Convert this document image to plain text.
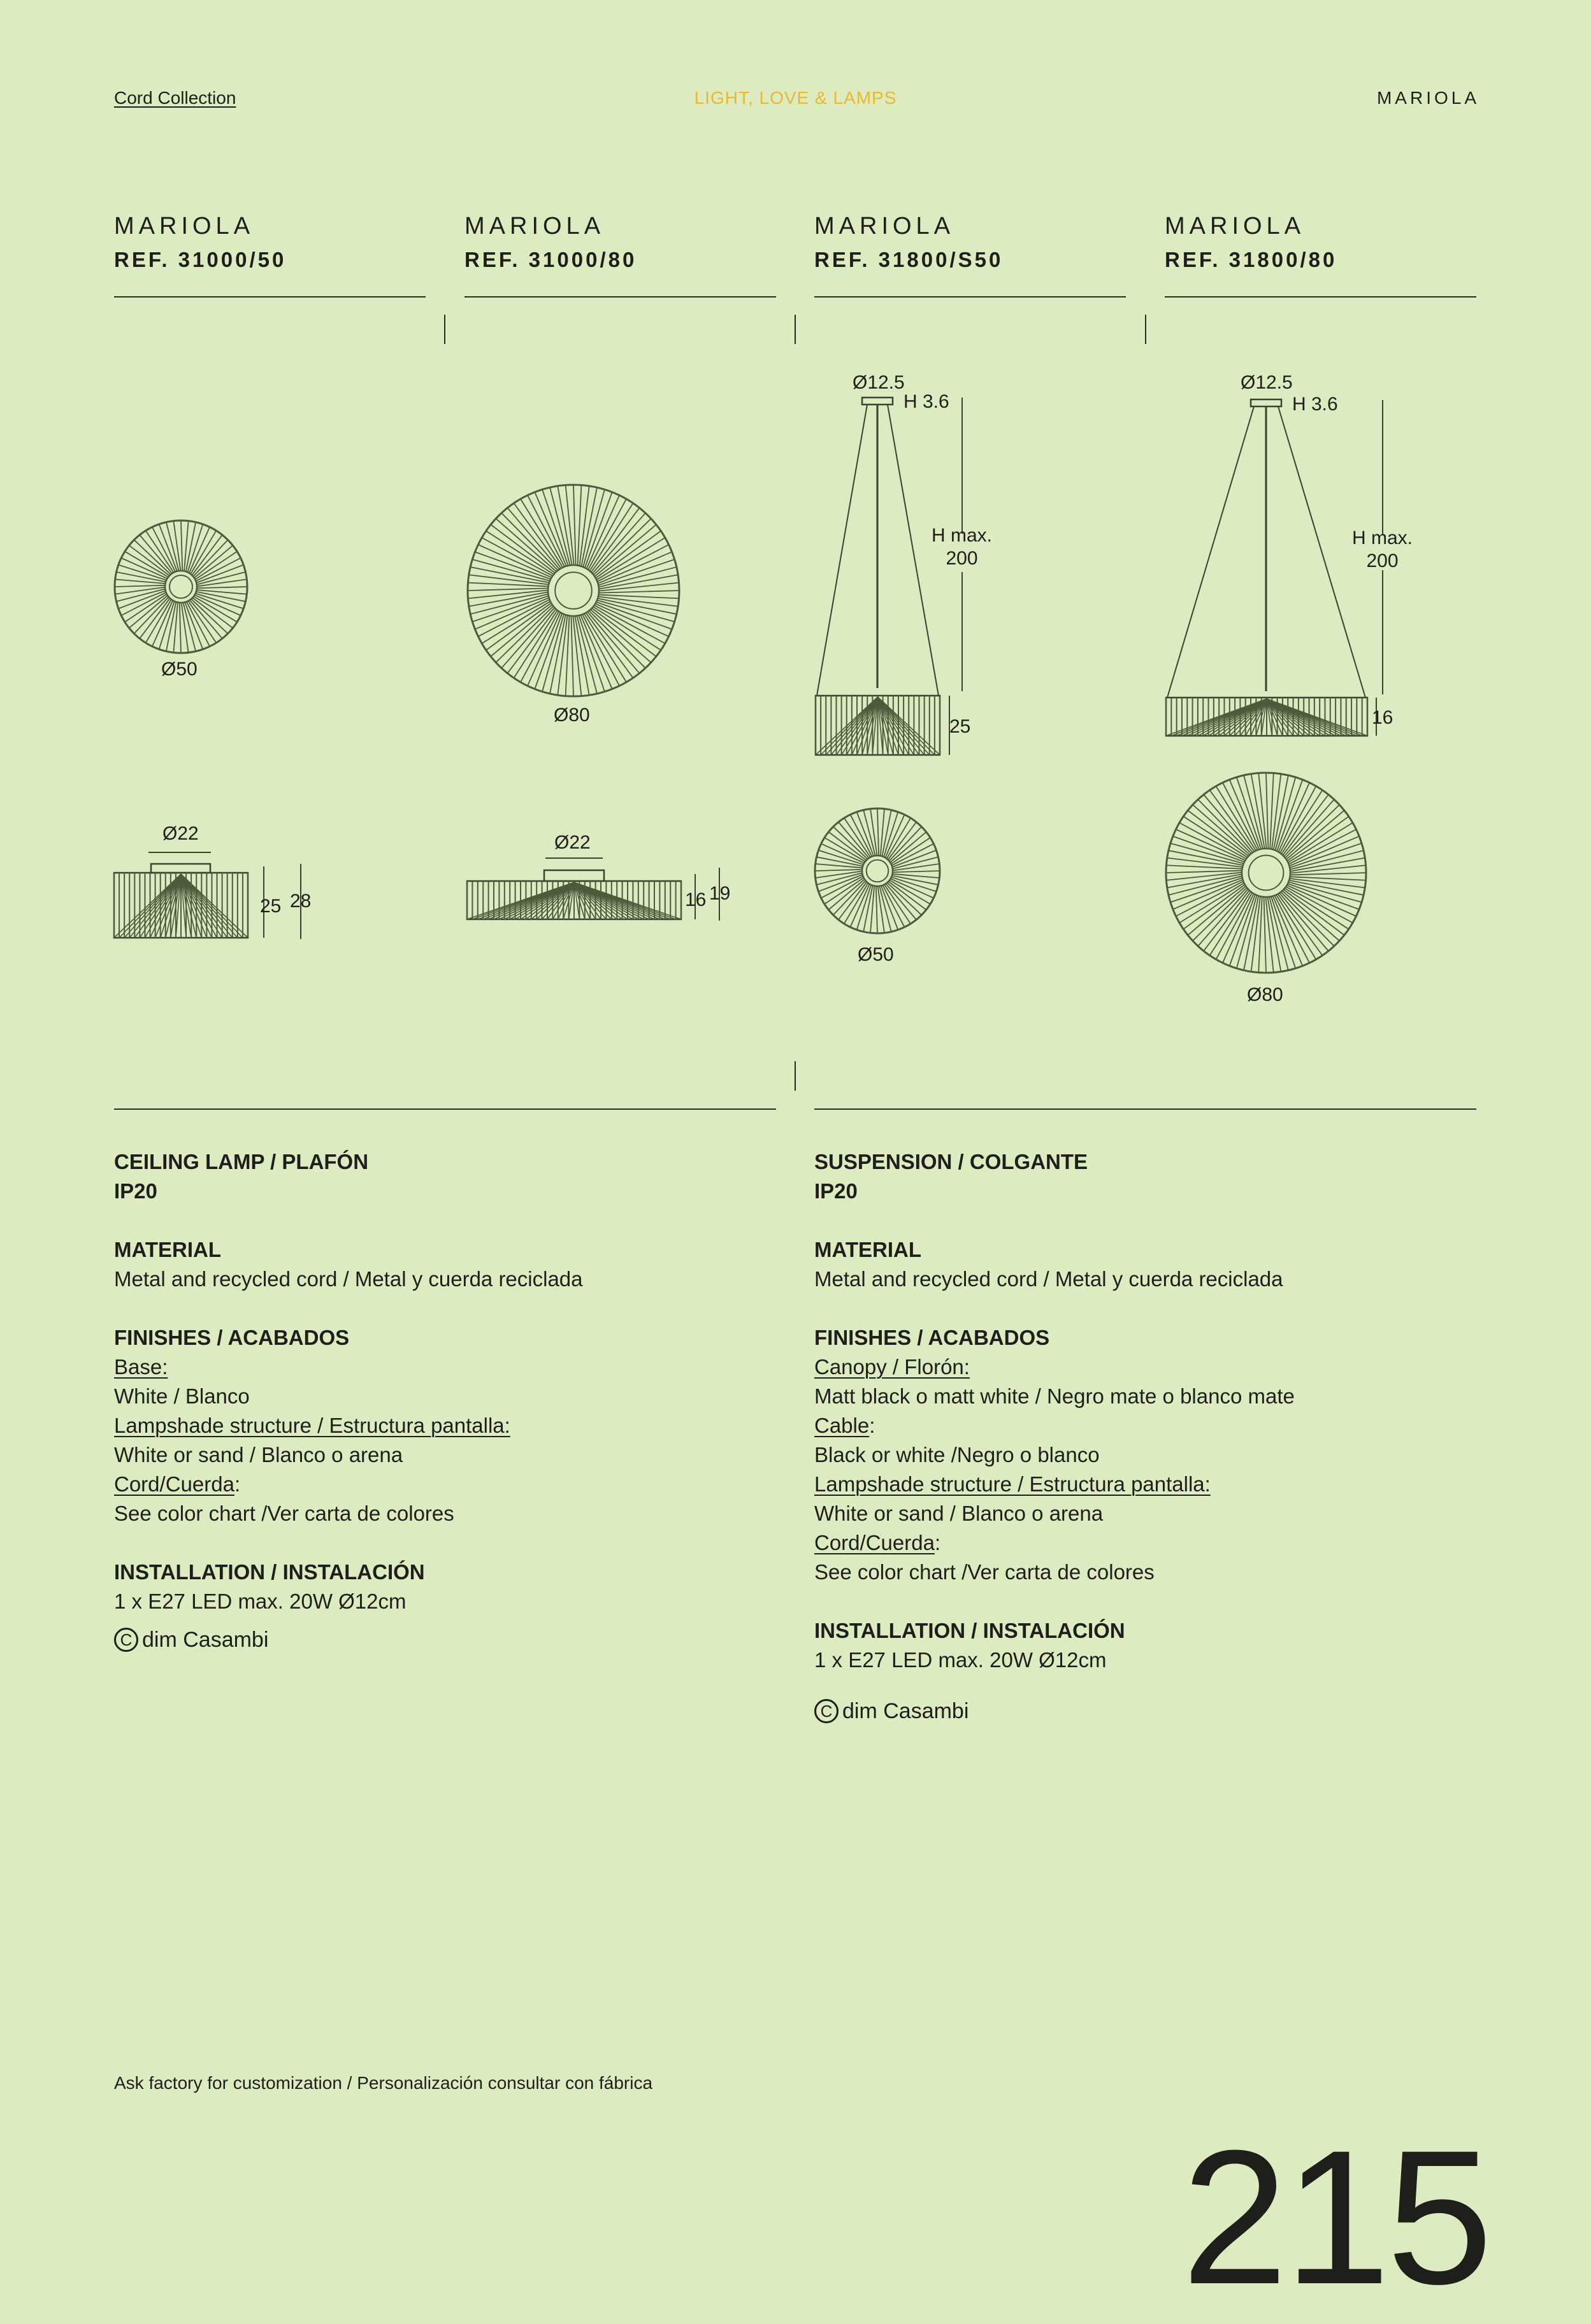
Cord Collection	LIGHT, LOVE & LAMPS	MARIOLA
MARIOLA
REF. 31000/50
MARIOLA
REF. 31000/80
MARIOLA
REF. 31800/S50
MARIOLA
REF. 31800/80
Ø50
Ø22
25 28
Ø80
Ø22
16 19
Ø12.5
H 3.6
H max.
200
25
Ø50
Ø12.5
H 3.6
H max.
200
16
Ø80

CEILING LAMP / PLAFÓN

IP20

MATERIAL

Metal and recycled cord / Metal y cuerda reciclada

FINISHES / ACABADOS

Base:

White / Blanco

Lampshade structure / Estructura pantalla:

White or sand / Blanco o arena

Cord/Cuerda:

See color chart /Ver carta de colores

INSTALLATION / INSTALACIÓN

1 x E27 LED max. 20W Ø12cm

C dim Casambi

SUSPENSION / COLGANTE

IP20

MATERIAL

Metal and recycled cord / Metal y cuerda reciclada

FINISHES / ACABADOS

Canopy / Florón:

Matt black o matt white / Negro mate o blanco mate

Cable:

Black or white /Negro o blanco

Lampshade structure / Estructura pantalla:

White or sand / Blanco o arena

Cord/Cuerda:

See color chart /Ver carta de colores

INSTALLATION / INSTALACIÓN

1 x E27 LED max. 20W Ø12cm

C dim Casambi
Ask factory for customization / Personalización consultar con fábrica
215
